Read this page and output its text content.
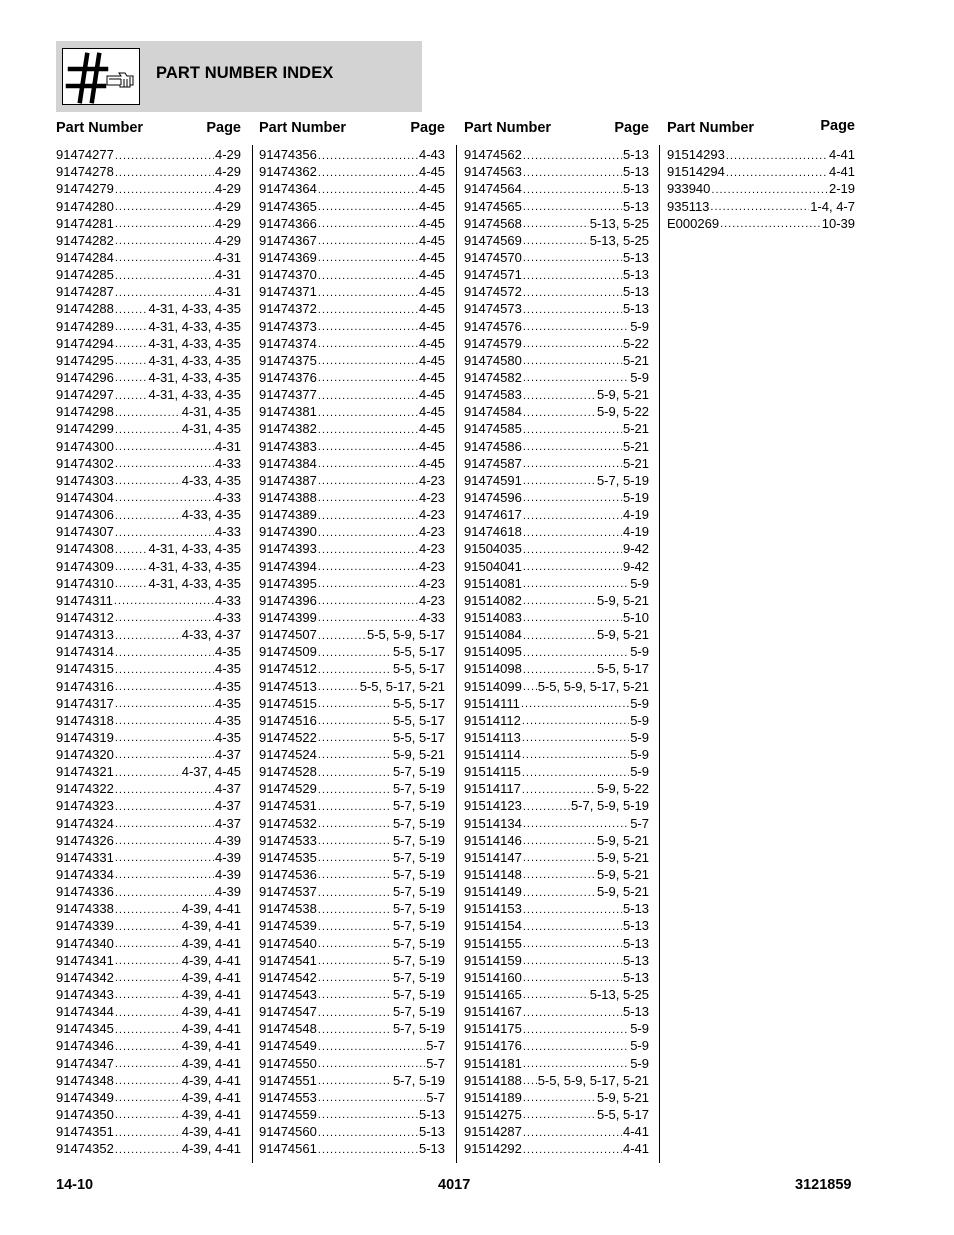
PART NUMBER INDEX
Part Number	Page
91474277 .....	4-29
91474278 .....	4-29
91474279 .....	4-29
91474280 .....	4-29
91474281 .....	4-29
91474282 .....	4-29
91474284 .....	4-31
91474285 .....	4-31
91474287 .....	4-31
91474288 .....	4-31, 4-33, 4-35
91474289 .....	4-31, 4-33, 4-35
91474294 .....	4-31, 4-33, 4-35
91474295 .....	4-31, 4-33, 4-35
91474296 .....	4-31, 4-33, 4-35
91474297 .....	4-31, 4-33, 4-35
91474298 .....	4-31, 4-35
91474299 .....	4-31, 4-35
91474300 .....	4-31
91474302 .....	4-33
91474303 .....	4-33, 4-35
91474304 .....	4-33
91474306 .....	4-33, 4-35
91474307 .....	4-33
91474308 .....	4-31, 4-33, 4-35
91474309 .....	4-31, 4-33, 4-35
91474310 .....	4-31, 4-33, 4-35
91474311 .....	4-33
91474312 .....	4-33
91474313 .....	4-33, 4-37
91474314 .....	4-35
91474315 .....	4-35
91474316 .....	4-35
91474317 .....	4-35
91474318 .....	4-35
91474319 .....	4-35
91474320 .....	4-37
91474321 .....	4-37, 4-45
91474322 .....	4-37
91474323 .....	4-37
91474324 .....	4-37
91474326 .....	4-39
91474331 .....	4-39
91474334 .....	4-39
91474336 .....	4-39
91474338 .....	4-39, 4-41
91474339 .....	4-39, 4-41
91474340 .....	4-39, 4-41
91474341 .....	4-39, 4-41
91474342 .....	4-39, 4-41
91474343 .....	4-39, 4-41
91474344 .....	4-39, 4-41
91474345 .....	4-39, 4-41
91474346 .....	4-39, 4-41
91474347 .....	4-39, 4-41
91474348 .....	4-39, 4-41
91474349 .....	4-39, 4-41
91474350 .....	4-39, 4-41
91474351 .....	4-39, 4-41
91474352 .....	4-39, 4-41
Part Number	Page
91474356 .....	4-43
91474362 .....	4-45
91474364 .....	4-45
91474365 .....	4-45
91474366 .....	4-45
91474367 .....	4-45
91474369 .....	4-45
91474370 .....	4-45
91474371 .....	4-45
91474372 .....	4-45
91474373 .....	4-45
91474374 .....	4-45
91474375 .....	4-45
91474376 .....	4-45
91474377 .....	4-45
91474381 .....	4-45
91474382 .....	4-45
91474383 .....	4-45
91474384 .....	4-45
91474387 .....	4-23
91474388 .....	4-23
91474389 .....	4-23
91474390 .....	4-23
91474393 .....	4-23
91474394 .....	4-23
91474395 .....	4-23
91474396 .....	4-23
91474399 .....	4-33
91474507 .....	5-5, 5-9, 5-17
91474509 .....	5-5, 5-17
91474512 .....	5-5, 5-17
91474513 .....	5-5, 5-17, 5-21
91474515 .....	5-5, 5-17
91474516 .....	5-5, 5-17
91474522 .....	5-5, 5-17
91474524 .....	5-9, 5-21
91474528 .....	5-7, 5-19
91474529 .....	5-7, 5-19
91474531 .....	5-7, 5-19
91474532 .....	5-7, 5-19
91474533 .....	5-7, 5-19
91474535 .....	5-7, 5-19
91474536 .....	5-7, 5-19
91474537 .....	5-7, 5-19
91474538 .....	5-7, 5-19
91474539 .....	5-7, 5-19
91474540 .....	5-7, 5-19
91474541 .....	5-7, 5-19
91474542 .....	5-7, 5-19
91474543 .....	5-7, 5-19
91474547 .....	5-7, 5-19
91474548 .....	5-7, 5-19
91474549 .....	5-7
91474550 .....	5-7
91474551 .....	5-7, 5-19
91474553 .....	5-7
91474559 .....	5-13
91474560 .....	5-13
91474561 .....	5-13
Part Number	Page
91474562 .....	5-13
91474563 .....	5-13
91474564 .....	5-13
91474565 .....	5-13
91474568 .....	5-13, 5-25
91474569 .....	5-13, 5-25
91474570 .....	5-13
91474571 .....	5-13
91474572 .....	5-13
91474573 .....	5-13
91474576 .....	5-9
91474579 .....	5-22
91474580 .....	5-21
91474582 .....	5-9
91474583 .....	5-9, 5-21
91474584 .....	5-9, 5-22
91474585 .....	5-21
91474586 .....	5-21
91474587 .....	5-21
91474591 .....	5-7, 5-19
91474596 .....	5-19
91474617 .....	4-19
91474618 .....	4-19
91504035 .....	9-42
91504041 .....	9-42
91514081 .....	5-9
91514082 .....	5-9, 5-21
91514083 .....	5-10
91514084 .....	5-9, 5-21
91514095 .....	5-9
91514098 .....	5-5, 5-17
91514099 ..... 5-5, 5-9, 5-17, 5-21
91514111 .....	5-9
91514112 .....	5-9
91514113 .....	5-9
91514114 .....	5-9
91514115 .....	5-9
91514117 .....	5-9, 5-22
91514123 .....	5-7, 5-9, 5-19
91514134 .....	5-7
91514146 .....	5-9, 5-21
91514147 .....	5-9, 5-21
91514148 .....	5-9, 5-21
91514149 .....	5-9, 5-21
91514153 .....	5-13
91514154 .....	5-13
91514155 .....	5-13
91514159 .....	5-13
91514160 .....	5-13
91514165 .....	5-13, 5-25
91514167 .....	5-13
91514175 .....	5-9
91514176 .....	5-9
91514181 .....	5-9
91514188 ..... 5-5, 5-9, 5-17, 5-21
91514189 .....	5-9, 5-21
91514275 .....	5-5, 5-17
91514287 .....	4-41
91514292 .....	4-41
Part Number	Page
91514293 .....	4-41
91514294 .....	4-41
933940 .....	2-19
935113 .....	1-4, 4-7
E000269 .....	10-39
14-10	4017	3121859
